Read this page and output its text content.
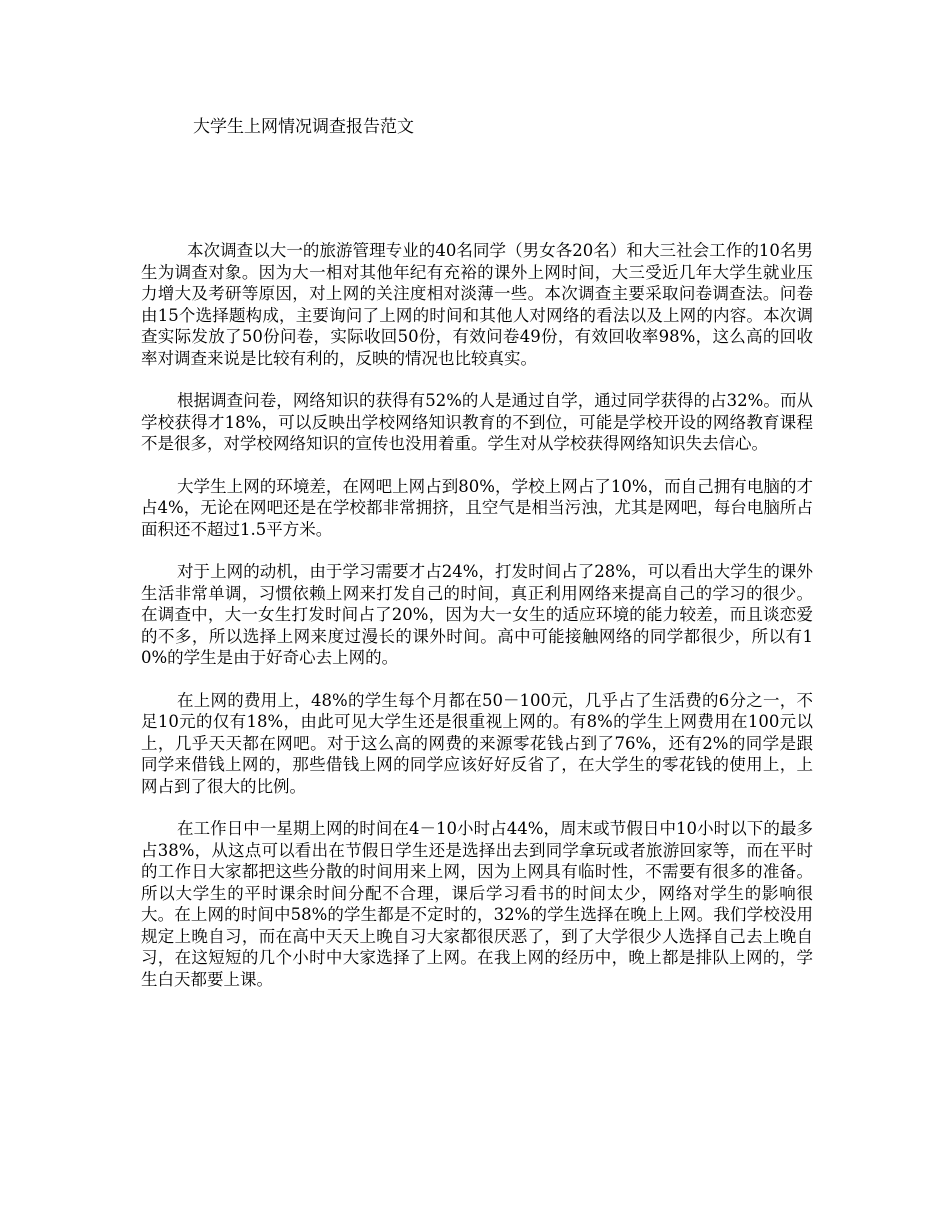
大学生上网情况调查报告范文

本次调查以大一的旅游管理专业的40名同学（男女各20名）和大三社会工作的10名男生为调查对象。因为大一相对其他年纪有充裕的课外上网时间，大三受近几年大学生就业压力增大及考研等原因，对上网的关注度相对淡薄一些。本次调查主要采取问卷调查法。问卷由15个选择题构成，主要询问了上网的时间和其他人对网络的看法以及上网的内容。本次调查实际发放了50份问卷，实际收回50份，有效问卷49份，有效回收率98%，这么高的回收率对调查来说是比较有利的，反映的情况也比较真实。

根据调查问卷，网络知识的获得有52%的人是通过自学，通过同学获得的占32%。而从学校获得才18%，可以反映出学校网络知识教育的不到位，可能是学校开设的网络教育课程不是很多，对学校网络知识的宣传也没用着重。学生对从学校获得网络知识失去信心。

大学生上网的环境差，在网吧上网占到80%，学校上网占了10%，而自己拥有电脑的才占4%，无论在网吧还是在学校都非常拥挤，且空气是相当污浊，尤其是网吧，每台电脑所占面积还不超过1.5平方米。

对于上网的动机，由于学习需要才占24%，打发时间占了28%，可以看出大学生的课外生活非常单调，习惯依赖上网来打发自己的时间，真正利用网络来提高自己的学习的很少。在调查中，大一女生打发时间占了20%，因为大一女生的适应环境的能力较差，而且谈恋爱的不多，所以选择上网来度过漫长的课外时间。高中可能接触网络的同学都很少，所以有10%的学生是由于好奇心去上网的。

在上网的费用上，48%的学生每个月都在50－100元，几乎占了生活费的6分之一，不足10元的仅有18%，由此可见大学生还是很重视上网的。有8%的学生上网费用在100元以上，几乎天天都在网吧。对于这么高的网费的来源零花钱占到了76%，还有2%的同学是跟同学来借钱上网的，那些借钱上网的同学应该好好反省了，在大学生的零花钱的使用上，上网占到了很大的比例。

在工作日中一星期上网的时间在4－10小时占44%，周末或节假日中10小时以下的最多占38%，从这点可以看出在节假日学生还是选择出去到同学拿玩或者旅游回家等，而在平时的工作日大家都把这些分散的时间用来上网，因为上网具有临时性，不需要有很多的准备。所以大学生的平时课余时间分配不合理，课后学习看书的时间太少，网络对学生的影响很大。在上网的时间中58%的学生都是不定时的，32%的学生选择在晚上上网。我们学校没用规定上晚自习，而在高中天天上晚自习大家都很厌恶了，到了大学很少人选择自己去上晚自习，在这短短的几个小时中大家选择了上网。在我上网的经历中，晚上都是排队上网的，学生白天都要上课。
